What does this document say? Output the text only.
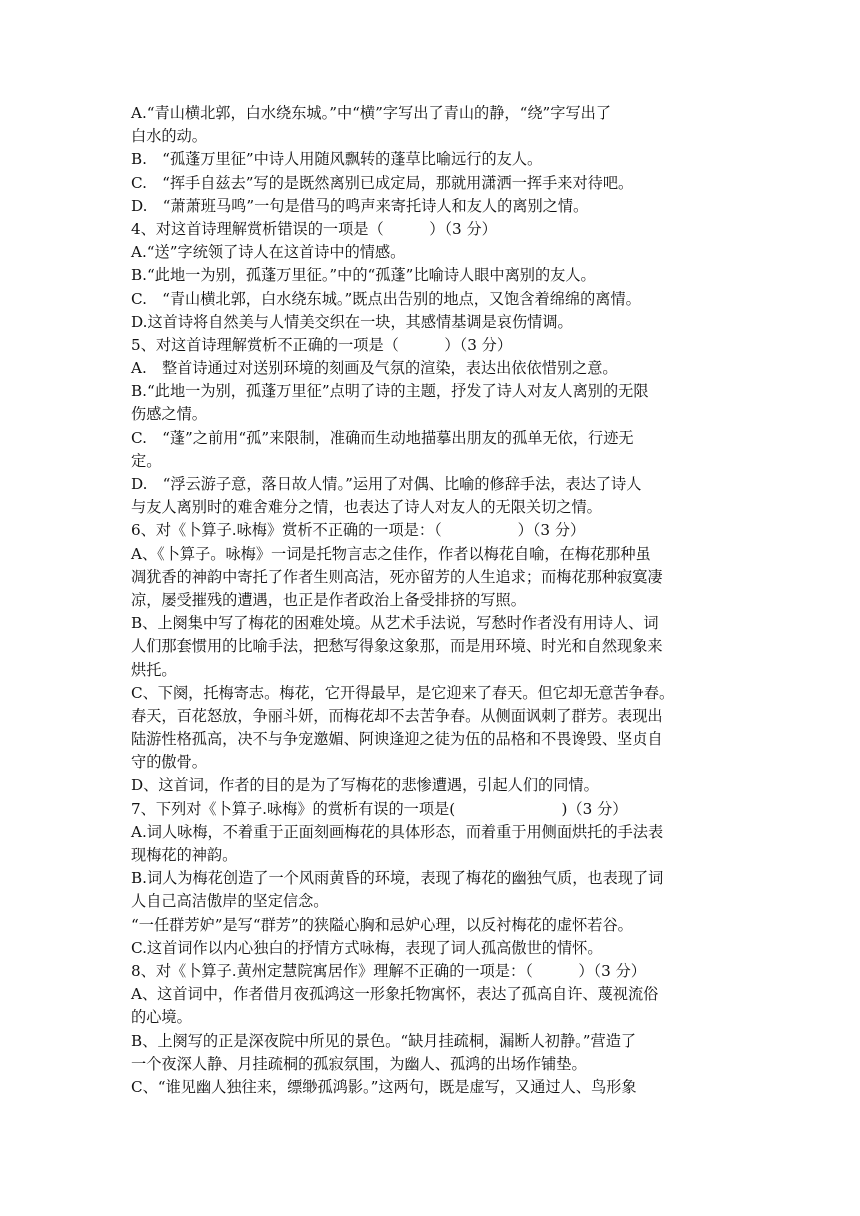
A.“青山横北郭，白水绕东城。”中“横”字写出了青山的静，“绕”字写出了
白水的动。
B.　“孤蓬万里征”中诗人用随风飘转的蓬草比喻远行的友人。
C.　“挥手自兹去”写的是既然离别已成定局，那就用潇洒一挥手来对待吧。
D.　“萧萧班马鸣”一句是借马的鸣声来寄托诗人和友人的离别之情。
4、对这首诗理解赏析错误的一项是（　　　）（3 分）
A.“送”字统领了诗人在这首诗中的情感。
B.“此地一为别，孤蓬万里征。”中的“孤蓬”比喻诗人眼中离别的友人。
C.　“青山横北郭，白水绕东城。”既点出告别的地点，又饱含着绵绵的离情。
D.这首诗将自然美与人情美交织在一块，其感情基调是哀伤情调。
5、对这首诗理解赏析不正确的一项是（　　　）（3 分）
A.　整首诗通过对送别环境的刻画及气氛的渲染，表达出依依惜别之意。
B.“此地一为别，孤蓬万里征”点明了诗的主题，抒发了诗人对友人离别的无限
伤感之情。
C.　“蓬”之前用“孤”来限制，准确而生动地描摹出朋友的孤单无依，行迹无
定。
D.　“浮云游子意，落日故人情。”运用了对偶、比喻的修辞手法，表达了诗人
与友人离别时的难舍难分之情，也表达了诗人对友人的无限关切之情。
6、对《卜算子.咏梅》赏析不正确的一项是：（　　　　　）（3 分）
A、《卜算子。咏梅》一词是托物言志之佳作，作者以梅花自喻，在梅花那种虽
凋犹香的神韵中寄托了作者生则高洁，死亦留芳的人生追求；而梅花那种寂寞凄
凉，屡受摧残的遭遇，也正是作者政治上备受排挤的写照。
B、上阕集中写了梅花的困难处境。从艺术手法说，写愁时作者没有用诗人、词
人们那套惯用的比喻手法，把愁写得象这象那，而是用环境、时光和自然现象来
烘托。
C、下阕，托梅寄志。梅花，它开得最早，是它迎来了春天。但它却无意苦争春。
春天，百花怒放，争丽斗妍，而梅花却不去苦争春。从侧面讽刺了群芳。表现出
陆游性格孤高，决不与争宠邀媚、阿谀逢迎之徒为伍的品格和不畏谗毁、坚贞自
守的傲骨。
D、这首词，作者的目的是为了写梅花的悲惨遭遇，引起人们的同情。
7、下列对《卜算子.咏梅》的赏析有误的一项是(　　　　　　　)（3 分）
A.词人咏梅，不着重于正面刻画梅花的具体形态，而着重于用侧面烘托的手法表
现梅花的神韵。
B.词人为梅花创造了一个风雨黄昏的环境，表现了梅花的幽独气质，也表现了词
人自己高洁傲岸的坚定信念。
“一任群芳妒”是写“群芳”的狭隘心胸和忌妒心理，以反衬梅花的虚怀若谷。
C.这首词作以内心独白的抒情方式咏梅，表现了词人孤高傲世的情怀。
8、对《卜算子.黄州定慧院寓居作》理解不正确的一项是：（　　　）（3 分）
A、这首词中，作者借月夜孤鸿这一形象托物寓怀，表达了孤高自许、蔑视流俗
的心境。
B、上阕写的正是深夜院中所见的景色。“缺月挂疏桐，漏断人初静。”营造了
一个夜深人静、月挂疏桐的孤寂氛围，为幽人、孤鸿的出场作铺垫。
C、“谁见幽人独往来，缥缈孤鸿影。”这两句，既是虚写，又通过人、鸟形象
